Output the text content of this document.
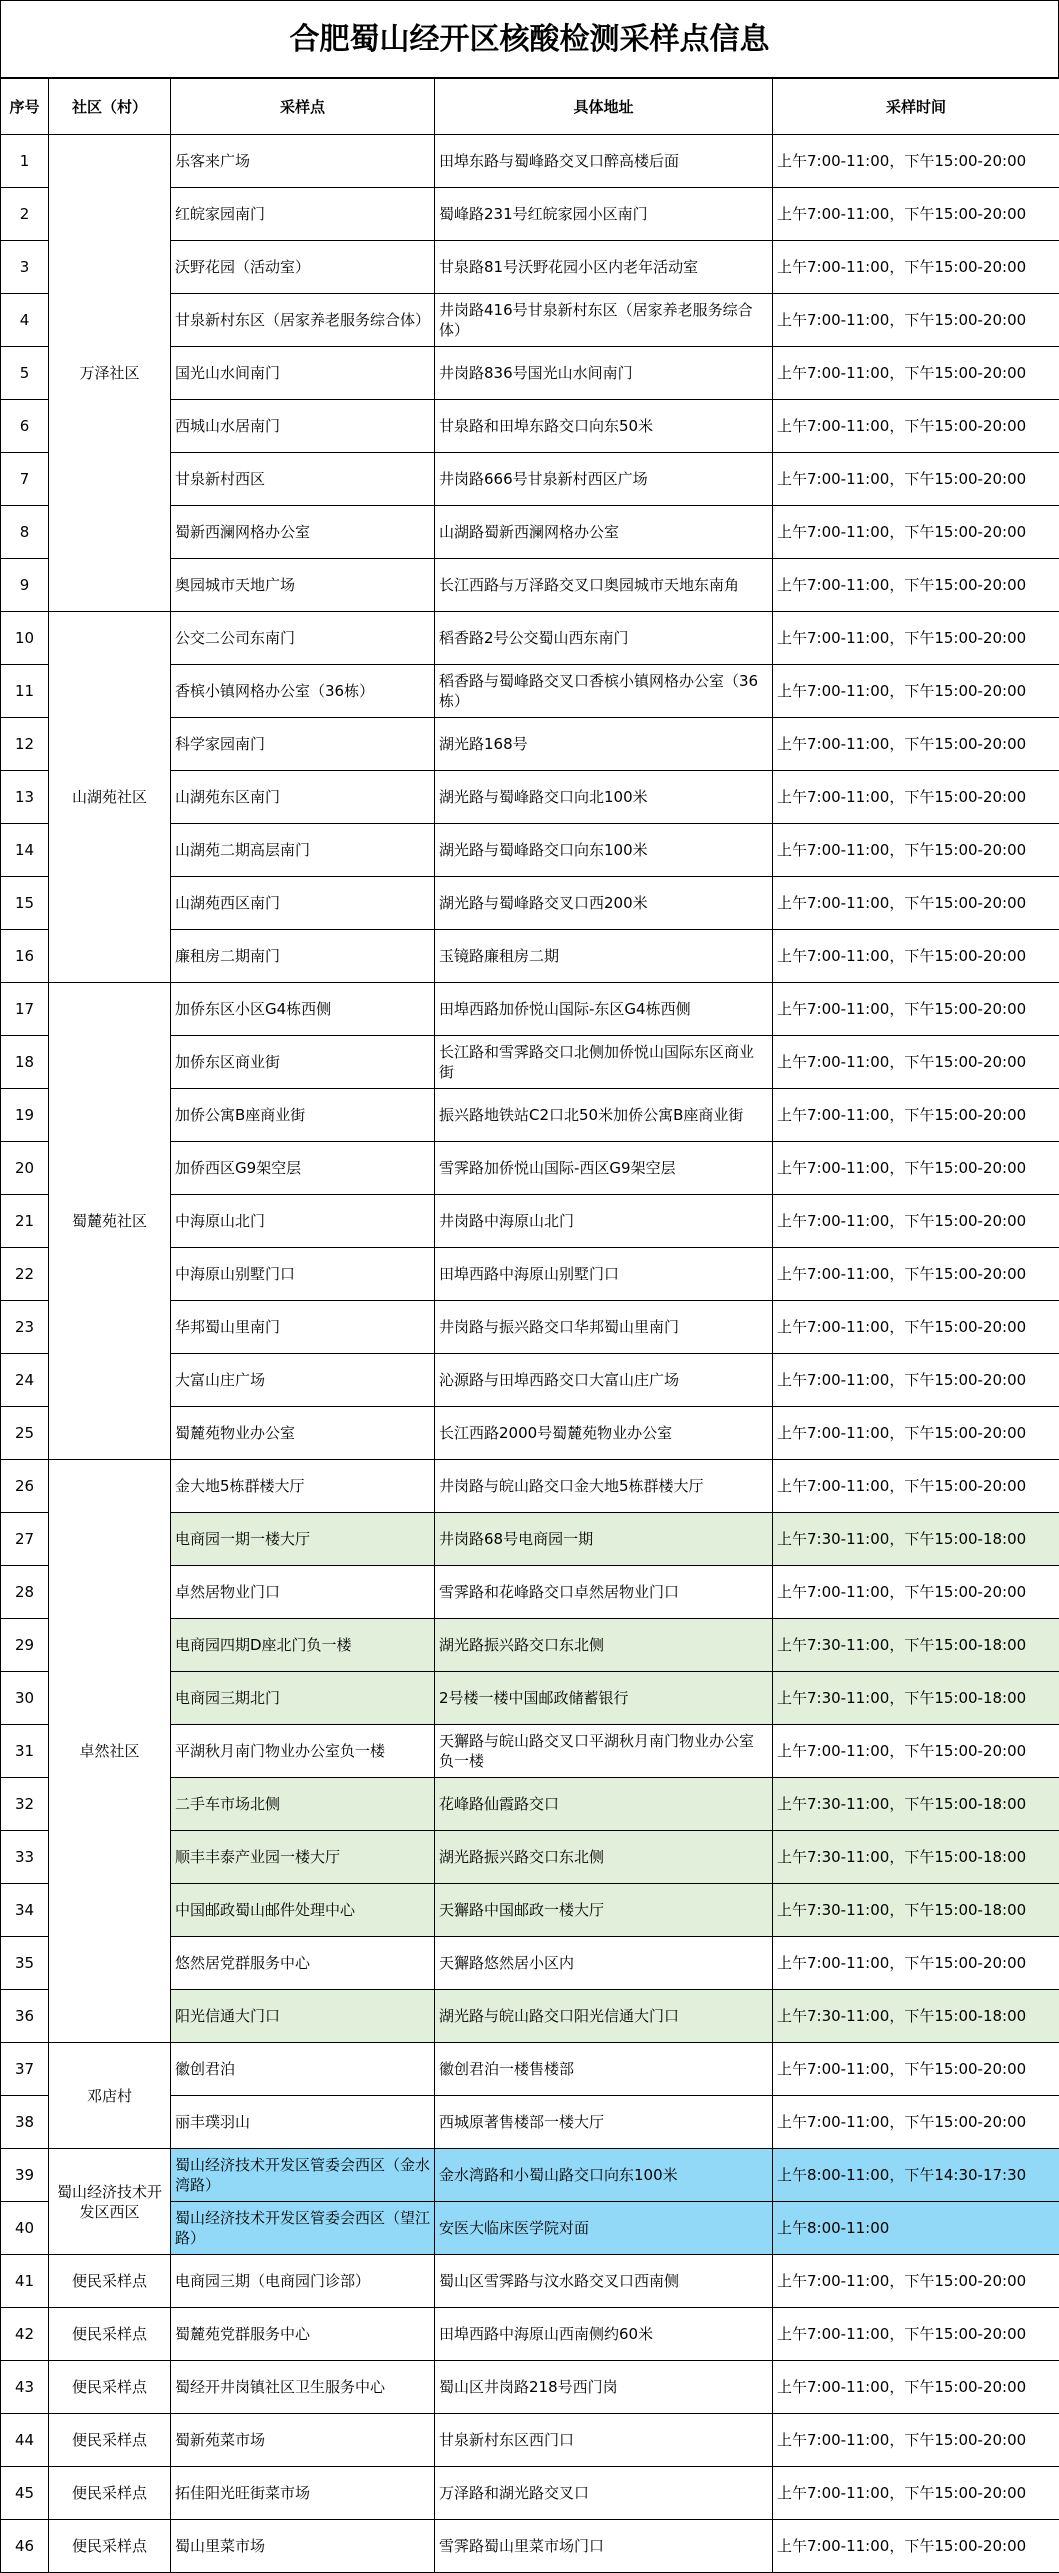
合肥蜀山经开区核酸检测采样点信息
序号	社区（村）	采样点	具体地址	采样时间
1	万泽社区	乐客来广场	田埠东路与蜀峰路交叉口醉高楼后面	上午7:00-11:00，下午15:00-20:00
2		红皖家园南门	蜀峰路231号红皖家园小区南门	上午7:00-11:00，下午15:00-20:00
3		沃野花园（活动室）	甘泉路81号沃野花园小区内老年活动室	上午7:00-11:00，下午15:00-20:00
4		甘泉新村东区（居家养老服务综合体）	井岗路416号甘泉新村东区（居家养老服务综合体）	上午7:00-11:00，下午15:00-20:00
5		国光山水间南门	井岗路836号国光山水间南门	上午7:00-11:00，下午15:00-20:00
6		西城山水居南门	甘泉路和田埠东路交口向东50米	上午7:00-11:00，下午15:00-20:00
7		甘泉新村西区	井岗路666号甘泉新村西区广场	上午7:00-11:00，下午15:00-20:00
8		蜀新西澜网格办公室	山湖路蜀新西澜网格办公室	上午7:00-11:00，下午15:00-20:00
9		奥园城市天地广场	长江西路与万泽路交叉口奥园城市天地东南角	上午7:00-11:00，下午15:00-20:00
10	山湖苑社区	公交二公司东南门	稻香路2号公交蜀山西东南门	上午7:00-11:00，下午15:00-20:00
11		香槟小镇网格办公室（36栋）	稻香路与蜀峰路交叉口香槟小镇网格办公室（36栋）	上午7:00-11:00，下午15:00-20:00
12		科学家园南门	湖光路168号	上午7:00-11:00，下午15:00-20:00
13		山湖苑东区南门	湖光路与蜀峰路交口向北100米	上午7:00-11:00，下午15:00-20:00
14		山湖苑二期高层南门	湖光路与蜀峰路交口向东100米	上午7:00-11:00，下午15:00-20:00
15		山湖苑西区南门	湖光路与蜀峰路交叉口西200米	上午7:00-11:00，下午15:00-20:00
16		廉租房二期南门	玉镜路廉租房二期	上午7:00-11:00，下午15:00-20:00
17	蜀麓苑社区	加侨东区小区G4栋西侧	田埠西路加侨悦山国际-东区G4栋西侧	上午7:00-11:00，下午15:00-20:00
18		加侨东区商业街	长江路和雪霁路交口北侧加侨悦山国际东区商业街	上午7:00-11:00，下午15:00-20:00
19		加侨公寓B座商业街	振兴路地铁站C2口北50米加侨公寓B座商业街	上午7:00-11:00，下午15:00-20:00
20		加侨西区G9架空层	雪霁路加侨悦山国际-西区G9架空层	上午7:00-11:00，下午15:00-20:00
21		中海原山北门	井岗路中海原山北门	上午7:00-11:00，下午15:00-20:00
22		中海原山别墅门口	田埠西路中海原山别墅门口	上午7:00-11:00，下午15:00-20:00
23		华邦蜀山里南门	井岗路与振兴路交口华邦蜀山里南门	上午7:00-11:00，下午15:00-20:00
24		大富山庄广场	沁源路与田埠西路交口大富山庄广场	上午7:00-11:00，下午15:00-20:00
25		蜀麓苑物业办公室	长江西路2000号蜀麓苑物业办公室	上午7:00-11:00，下午15:00-20:00
26	卓然社区	金大地5栋群楼大厅	井岗路与皖山路交口金大地5栋群楼大厅	上午7:00-11:00，下午15:00-20:00
27		电商园一期一楼大厅	井岗路68号电商园一期	上午7:30-11:00，下午15:00-18:00
28		卓然居物业门口	雪霁路和花峰路交口卓然居物业门口	上午7:00-11:00，下午15:00-20:00
29		电商园四期D座北门负一楼	湖光路振兴路交口东北侧	上午7:30-11:00，下午15:00-18:00
30		电商园三期北门	2号楼一楼中国邮政储蓄银行	上午7:30-11:00，下午15:00-18:00
31		平湖秋月南门物业办公室负一楼	天獬路与皖山路交叉口平湖秋月南门物业办公室负一楼	上午7:00-11:00，下午15:00-20:00
32		二手车市场北侧	花峰路仙霞路交口	上午7:30-11:00，下午15:00-18:00
33		顺丰丰泰产业园一楼大厅	湖光路振兴路交口东北侧	上午7:30-11:00，下午15:00-18:00
34		中国邮政蜀山邮件处理中心	天獬路中国邮政一楼大厅	上午7:30-11:00，下午15:00-18:00
35		悠然居党群服务中心	天獬路悠然居小区内	上午7:00-11:00，下午15:00-20:00
36		阳光信通大门口	湖光路与皖山路交口阳光信通大门口	上午7:30-11:00，下午15:00-18:00
37	邓店村	徽创君泊	徽创君泊一楼售楼部	上午7:00-11:00，下午15:00-20:00
38		丽丰璞羽山	西城原著售楼部一楼大厅	上午7:00-11:00，下午15:00-20:00
39	蜀山经济技术开发区西区	蜀山经济技术开发区管委会西区（金水湾路）	金水湾路和小蜀山路交口向东100米	上午8:00-11:00，下午14:30-17:30
40		蜀山经济技术开发区管委会西区（望江路）	安医大临床医学院对面	上午8:00-11:00
41	便民采样点	电商园三期（电商园门诊部）	蜀山区雪霁路与汶水路交叉口西南侧	上午7:00-11:00，下午15:00-20:00
42	便民采样点	蜀麓苑党群服务中心	田埠西路中海原山西南侧约60米	上午7:00-11:00，下午15:00-20:00
43	便民采样点	蜀经开井岗镇社区卫生服务中心	蜀山区井岗路218号西门岗	上午7:00-11:00，下午15:00-20:00
44	便民采样点	蜀新苑菜市场	甘泉新村东区西门口	上午7:00-11:00，下午15:00-20:00
45	便民采样点	拓佳阳光旺街菜市场	万泽路和湖光路交叉口	上午7:00-11:00，下午15:00-20:00
46	便民采样点	蜀山里菜市场	雪霁路蜀山里菜市场门口	上午7:00-11:00，下午15:00-20:00
